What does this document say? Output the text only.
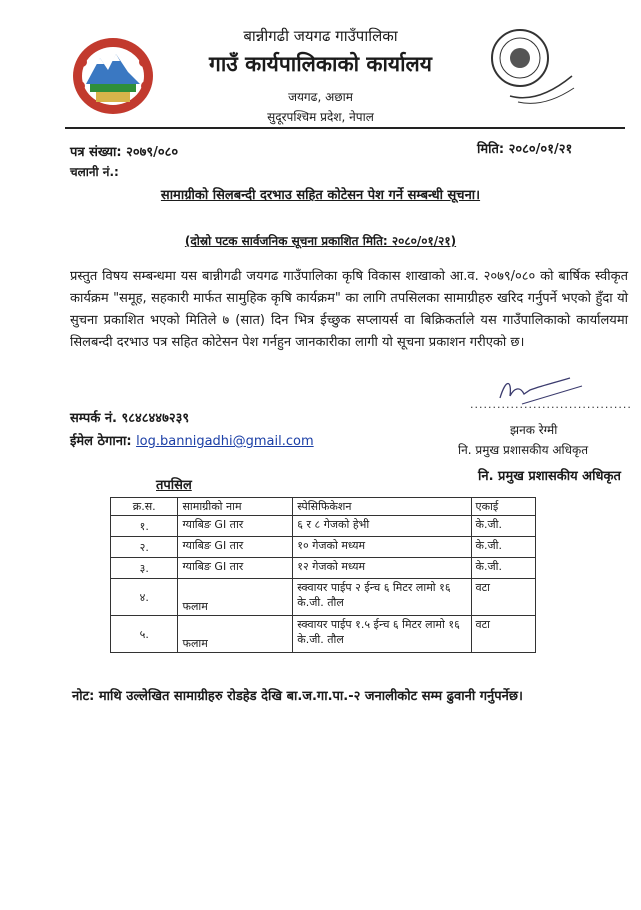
बान्नीगढी जयगढ गाउँपालिका
गाउँ कार्यपालिकाको कार्यालय
जयगढ, अछाम
सुदूरपश्चिम प्रदेश, नेपाल
पत्र संख्या: २०७९/०८०	मिति: २०८०/०१/२१
चलानी नं.:
सामाग्रीको सिलबन्दी दरभाउ सहित कोटेसन पेश गर्ने सम्बन्धी सूचना।
(दोस्रो पटक सार्वजनिक सूचना प्रकाशित मिति: २०८०/०१/२१)
प्रस्तुत विषय सम्बन्धमा यस बान्नीगढी जयगढ गाउँपालिका कृषि विकास शाखाको आ.व. २०७९/०८० को बार्षिक स्वीकृत कार्यक्रम "समूह, सहकारी मार्फत सामुहिक कृषि कार्यक्रम" का लागि तपसिलका सामाग्रीहरु खरिद गर्नुपर्ने भएको हुँदा यो सुचना प्रकाशित भएको मितिले ७ (सात) दिन भित्र ईच्छुक सप्लायर्स वा बिक्रिकर्ताले यस गाउँपालिकाको कार्यालयमा सिलबन्दी दरभाउ पत्र सहित कोटेसन पेश गर्नहुन जानकारीका लागी यो सूचना प्रकाशन गरीएको छ।
सम्पर्क नं. ९८४८४४७२३९
ईमेल ठेगाना: log.bannigadhi@gmail.com
....................................
झनक रेग्मी
नि. प्रमुख प्रशासकीय अधिकृत
नि. प्रमुख प्रशासकीय अधिकृत
तपसिल
क्र.स.	सामाग्रीको नाम	स्पेसिफिकेशन	एकाई
१.	ग्याबिङ GI तार	६ र ८ गेजको हेभी	के.जी.
२.	ग्याबिङ GI तार	१० गेजको मध्यम	के.जी.
३.	ग्याबिङ GI तार	१२ गेजको मध्यम	के.जी.
४.	फलाम	स्क्वायर पाईप २ ईन्च ६ मिटर लामो १६ के.जी. तौल	वटा
५.	फलाम	स्क्वायर पाईप १.५ ईन्च ६ मिटर लामो १६ के.जी. तौल	वटा
नोट: माथि उल्लेखित सामाग्रीहरु रोडहेड देखि बा.ज.गा.पा.-२ जनालीकोट सम्म ढुवानी गर्नुपर्नेछ।
